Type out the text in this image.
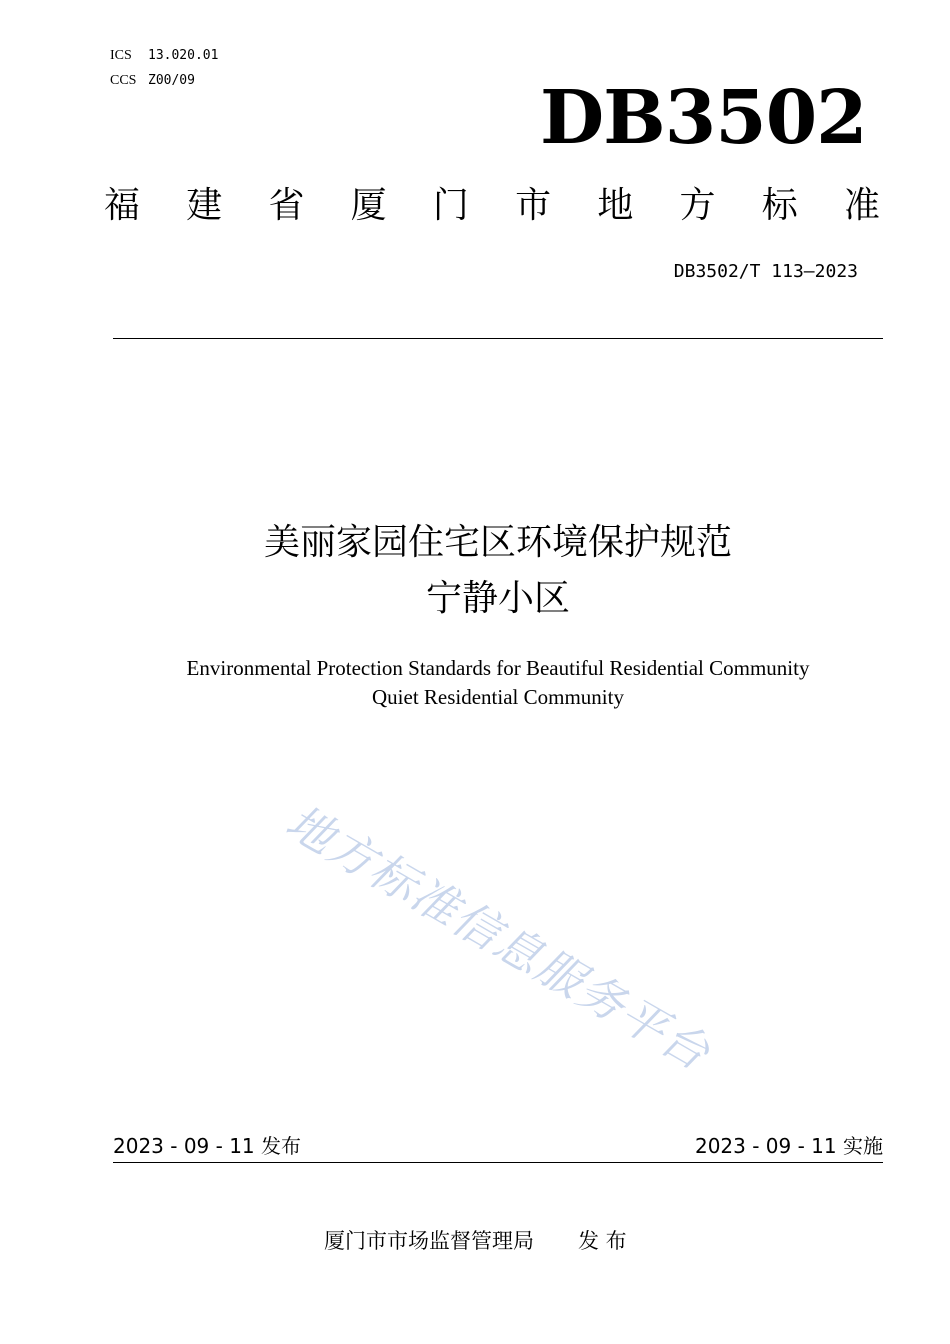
ICS 13.020.01
CCS Z00/09	DB3502
福 建 省 厦 门 市 地 方 标 准
DB3502/T 113—2023
美丽家园住宅区环境保护规范
宁静小区
Environmental Protection Standards for Beautiful Residential Community
Quiet Residential Community
地方标准信息服务平台
2023 - 09 - 11 发布	2023 - 09 - 11 实施
厦门市市场监督管理局 发 布
